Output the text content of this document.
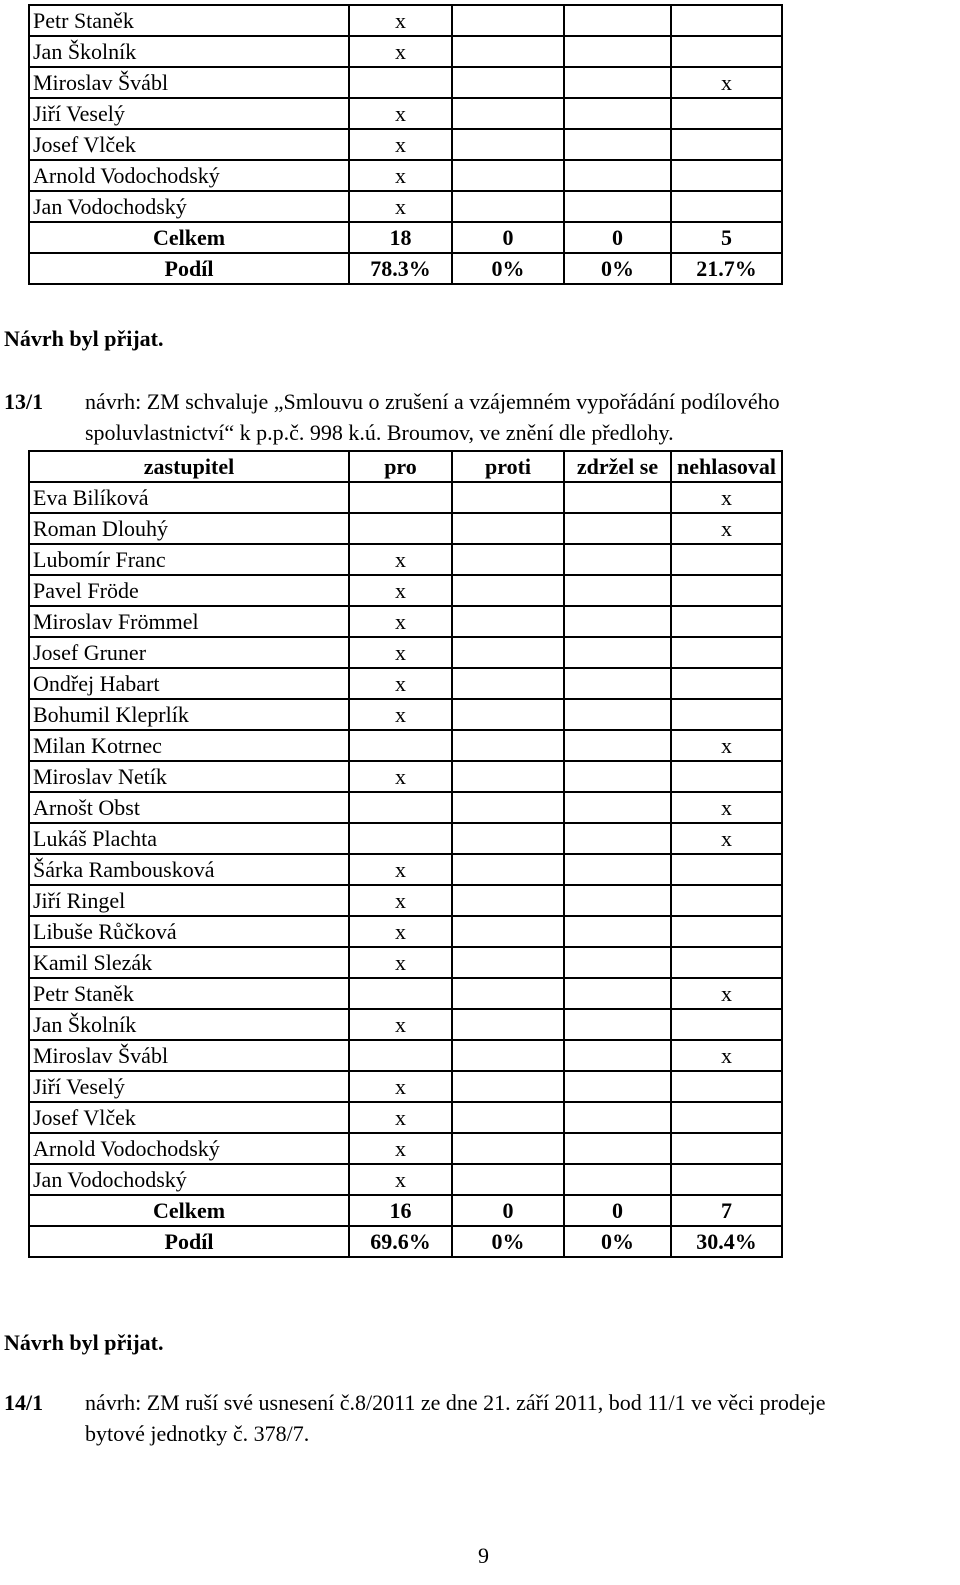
Petr Staněk	x			
Jan Školník	x			
Miroslav Švábl				x
Jiří Veselý	x			
Josef Vlček	x			
Arnold Vodochodský	x			
Jan Vodochodský	x			
Celkem	18	0	0	5
Podíl	78.3%	0%	0%	21.7%
Návrh byl přijat.
13/1 návrh: ZM schvaluje „Smlouvu o zrušení a vzájemném vypořádání podílového
spoluvlastnictví“ k p.p.č. 998 k.ú. Broumov, ve znění dle předlohy.
zastupitel	pro	proti	zdržel se	nehlasoval
Eva Bilíková				x
Roman Dlouhý				x
Lubomír Franc	x			
Pavel Fröde	x			
Miroslav Frömmel	x			
Josef Gruner	x			
Ondřej Habart	x			
Bohumil Kleprlík	x			
Milan Kotrnec				x
Miroslav Netík	x			
Arnošt Obst				x
Lukáš Plachta				x
Šárka Rambousková	x			
Jiří Ringel	x			
Libuše Růčková	x			
Kamil Slezák	x			
Petr Staněk				x
Jan Školník	x			
Miroslav Švábl				x
Jiří Veselý	x			
Josef Vlček	x			
Arnold Vodochodský	x			
Jan Vodochodský	x			
Celkem	16	0	0	7
Podíl	69.6%	0%	0%	30.4%
Návrh byl přijat.
14/1 návrh: ZM ruší své usnesení č.8/2011 ze dne 21. září 2011, bod 11/1 ve věci prodeje
bytové jednotky č. 378/7.
9
